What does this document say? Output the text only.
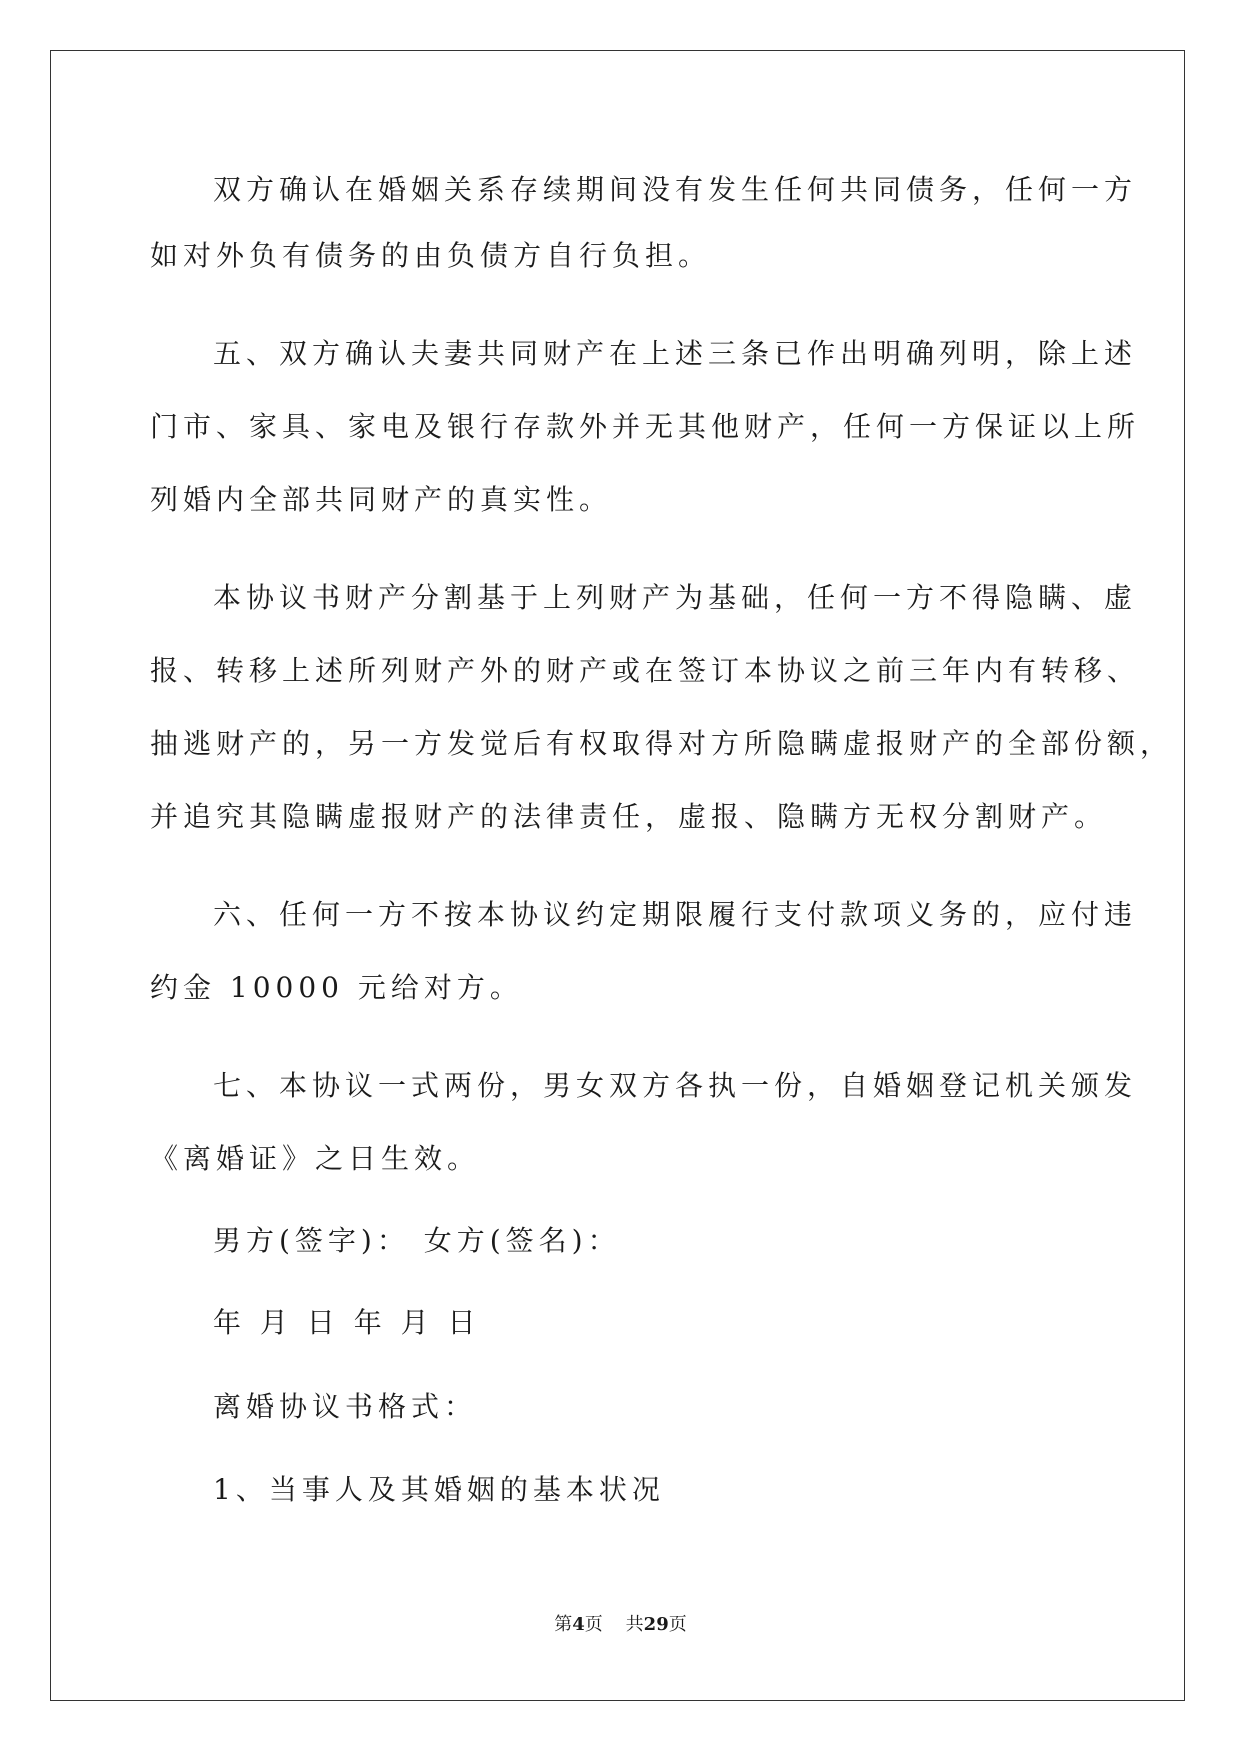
双方确认在婚姻关系存续期间没有发生任何共同债务，任何一方
如对外负有债务的由负债方自行负担。
五、双方确认夫妻共同财产在上述三条已作出明确列明，除上述
门市、家具、家电及银行存款外并无其他财产，任何一方保证以上所
列婚内全部共同财产的真实性。
本协议书财产分割基于上列财产为基础，任何一方不得隐瞒、虚
报、转移上述所列财产外的财产或在签订本协议之前三年内有转移、
抽逃财产的，另一方发觉后有权取得对方所隐瞒虚报财产的全部份额，
并追究其隐瞒虚报财产的法律责任，虚报、隐瞒方无权分割财产。
六、任何一方不按本协议约定期限履行支付款项义务的，应付违
约金 10000 元给对方。
七、本协议一式两份，男女双方各执一份，自婚姻登记机关颁发
《离婚证》之日生效。
男方(签字)： 女方(签名)：
年 月 日 年 月 日
离婚协议书格式：
1、当事人及其婚姻的基本状况
第4页    共29页
